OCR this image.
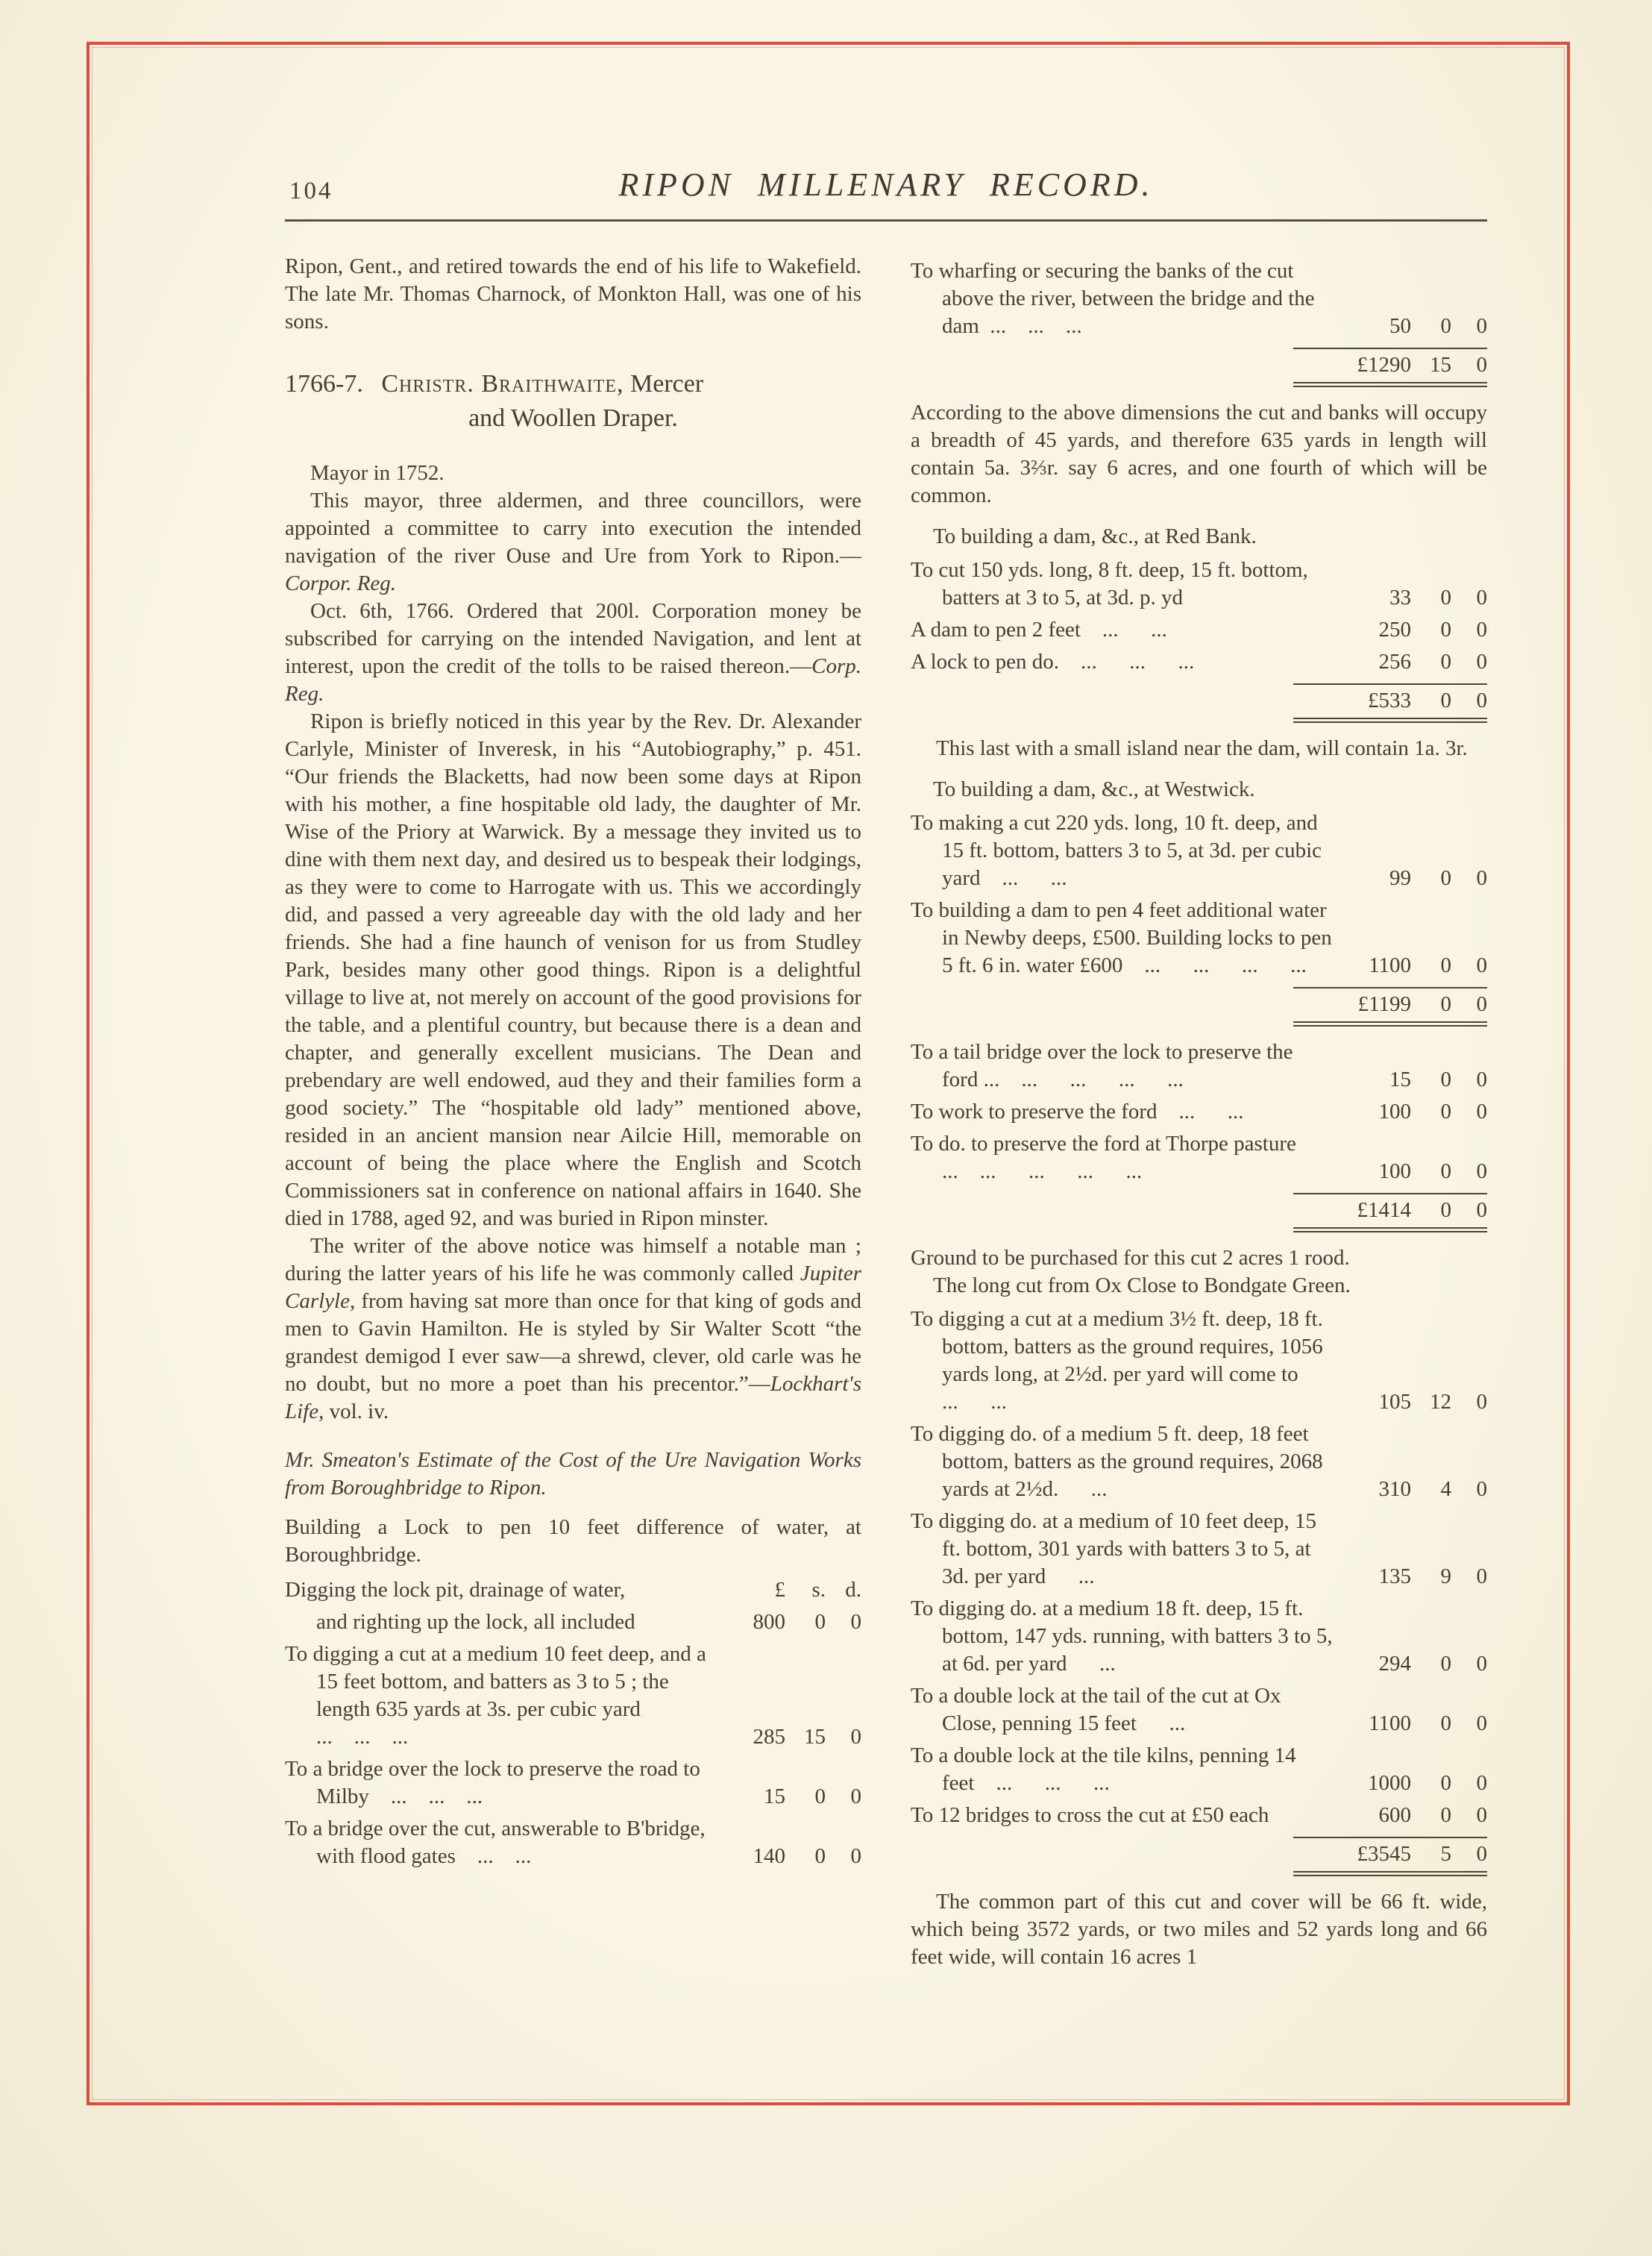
104	RIPON MILLENARY RECORD.

Ripon, Gent., and retired towards the end of his life to Wakefield. The late Mr. Thomas Charnock, of Monkton Hall, was one of his sons.

1766-7. Christr. Braithwaite, Mercer
and Woollen Draper.

Mayor in 1752.

This mayor, three aldermen, and three councillors, were appointed a committee to carry into execution the intended navigation of the river Ouse and Ure from York to Ripon.—Corpor. Reg.

Oct. 6th, 1766. Ordered that 200l. Corporation money be subscribed for carrying on the intended Navigation, and lent at interest, upon the credit of the tolls to be raised thereon.—Corp. Reg.

Ripon is briefly noticed in this year by the Rev. Dr. Alexander Carlyle, Minister of Inveresk, in his “Autobiography,” p. 451. “Our friends the Blacketts, had now been some days at Ripon with his mother, a fine hospitable old lady, the daughter of Mr. Wise of the Priory at Warwick. By a message they invited us to dine with them next day, and desired us to bespeak their lodgings, as they were to come to Harrogate with us. This we accordingly did, and passed a very agreeable day with the old lady and her friends. She had a fine haunch of venison for us from Studley Park, besides many other good things. Ripon is a delightful village to live at, not merely on account of the good provisions for the table, and a plentiful country, but because there is a dean and chapter, and generally excellent musicians. The Dean and prebendary are well endowed, aud they and their families form a good society.” The “hospitable old lady” mentioned above, resided in an ancient mansion near Ailcie Hill, memorable on account of being the place where the English and Scotch Commissioners sat in conference on national affairs in 1640. She died in 1788, aged 92, and was buried in Ripon minster.

The writer of the above notice was himself a notable man ; during the latter years of his life he was commonly called Jupiter Carlyle, from having sat more than once for that king of gods and men to Gavin Hamilton. He is styled by Sir Walter Scott “the grandest demigod I ever saw—a shrewd, clever, old carle was he no doubt, but no more a poet than his precentor.”—Lockhart's Life, vol. iv.

Mr. Smeaton's Estimate of the Cost of the Ure Navigation Works from Boroughbridge to Ripon.

Building a Lock to pen 10 feet difference of water, at Boroughbridge.

Digging the lock pit, drainage of water,	£	s. d.
and righting up the lock, all included	800	0	0
To digging a cut at a medium 10 feet deep, and a 15 feet bottom, and batters as 3 to 5 ; the length 635 yards at 3s. per cubic yard ...  ...  ...	285 15	0
To a bridge over the lock to preserve the road to Milby  ...  ...  ...	15	0	0
To a bridge over the cut, answerable to B'bridge, with flood gates  ...  ...	140	0	0
To wharfing or securing the banks of the cut above the river, between the bridge and the dam ...  ...  ...	50	0	0
£1290 15	0

According to the above dimensions the cut and banks will occupy a breadth of 45 yards, and therefore 635 yards in length will contain 5a. 3⅔r. say 6 acres, and one fourth of which will be common.

To building a dam, &c., at Red Bank.

To cut 150 yds. long, 8 ft. deep, 15 ft. bottom, batters at 3 to 5, at 3d. p. yd	33	0	0
A dam to pen 2 feet  ...   ...	250	0	0
A lock to pen do.  ...   ...   ...	256	0	0
£533	0	0

This last with a small island near the dam, will contain 1a. 3r.

To building a dam, &c., at Westwick.

To making a cut 220 yds. long, 10 ft. deep, and 15 ft. bottom, batters 3 to 5, at 3d. per cubic yard  ...   ...	99	0	0
To building a dam to pen 4 feet additional water in Newby deeps, £500. Building locks to pen 5 ft. 6 in. water £600  ...   ...   ...   ...	1100	0	0
£1199	0	0
To a tail bridge over the lock to preserve the ford ...  ...   ...   ...   ...	15	0	0
To work to preserve the ford  ...   ...	100	0	0
To do. to preserve the ford at Thorpe pasture ...  ...   ...   ...   ...	100	0	0
£1414	0	0
Ground to be purchased for this cut 2 acres 1 rood.
The long cut from Ox Close to Bondgate Green.
To digging a cut at a medium 3½ ft. deep, 18 ft. bottom, batters as the ground requires, 1056 yards long, at 2½d. per yard will come to ...   ...	105 12	0
To digging do. of a medium 5 ft. deep, 18 feet bottom, batters as the ground requires, 2068 yards at 2½d.   ...	310	4	0
To digging do. at a medium of 10 feet deep, 15 ft. bottom, 301 yards with batters 3 to 5, at 3d. per yard   ...	135	9	0
To digging do. at a medium 18 ft. deep, 15 ft. bottom, 147 yds. running, with batters 3 to 5, at 6d. per yard   ...	294	0	0
To a double lock at the tail of the cut at Ox Close, penning 15 feet   ...	1100	0	0
To a double lock at the tile kilns, penning 14 feet  ...   ...   ...	1000	0	0
To 12 bridges to cross the cut at £50 each	600	0	0
£3545	5	0

The common part of this cut and cover will be 66 ft. wide, which being 3572 yards, or two miles and 52 yards long and 66 feet wide, will contain 16 acres 1
